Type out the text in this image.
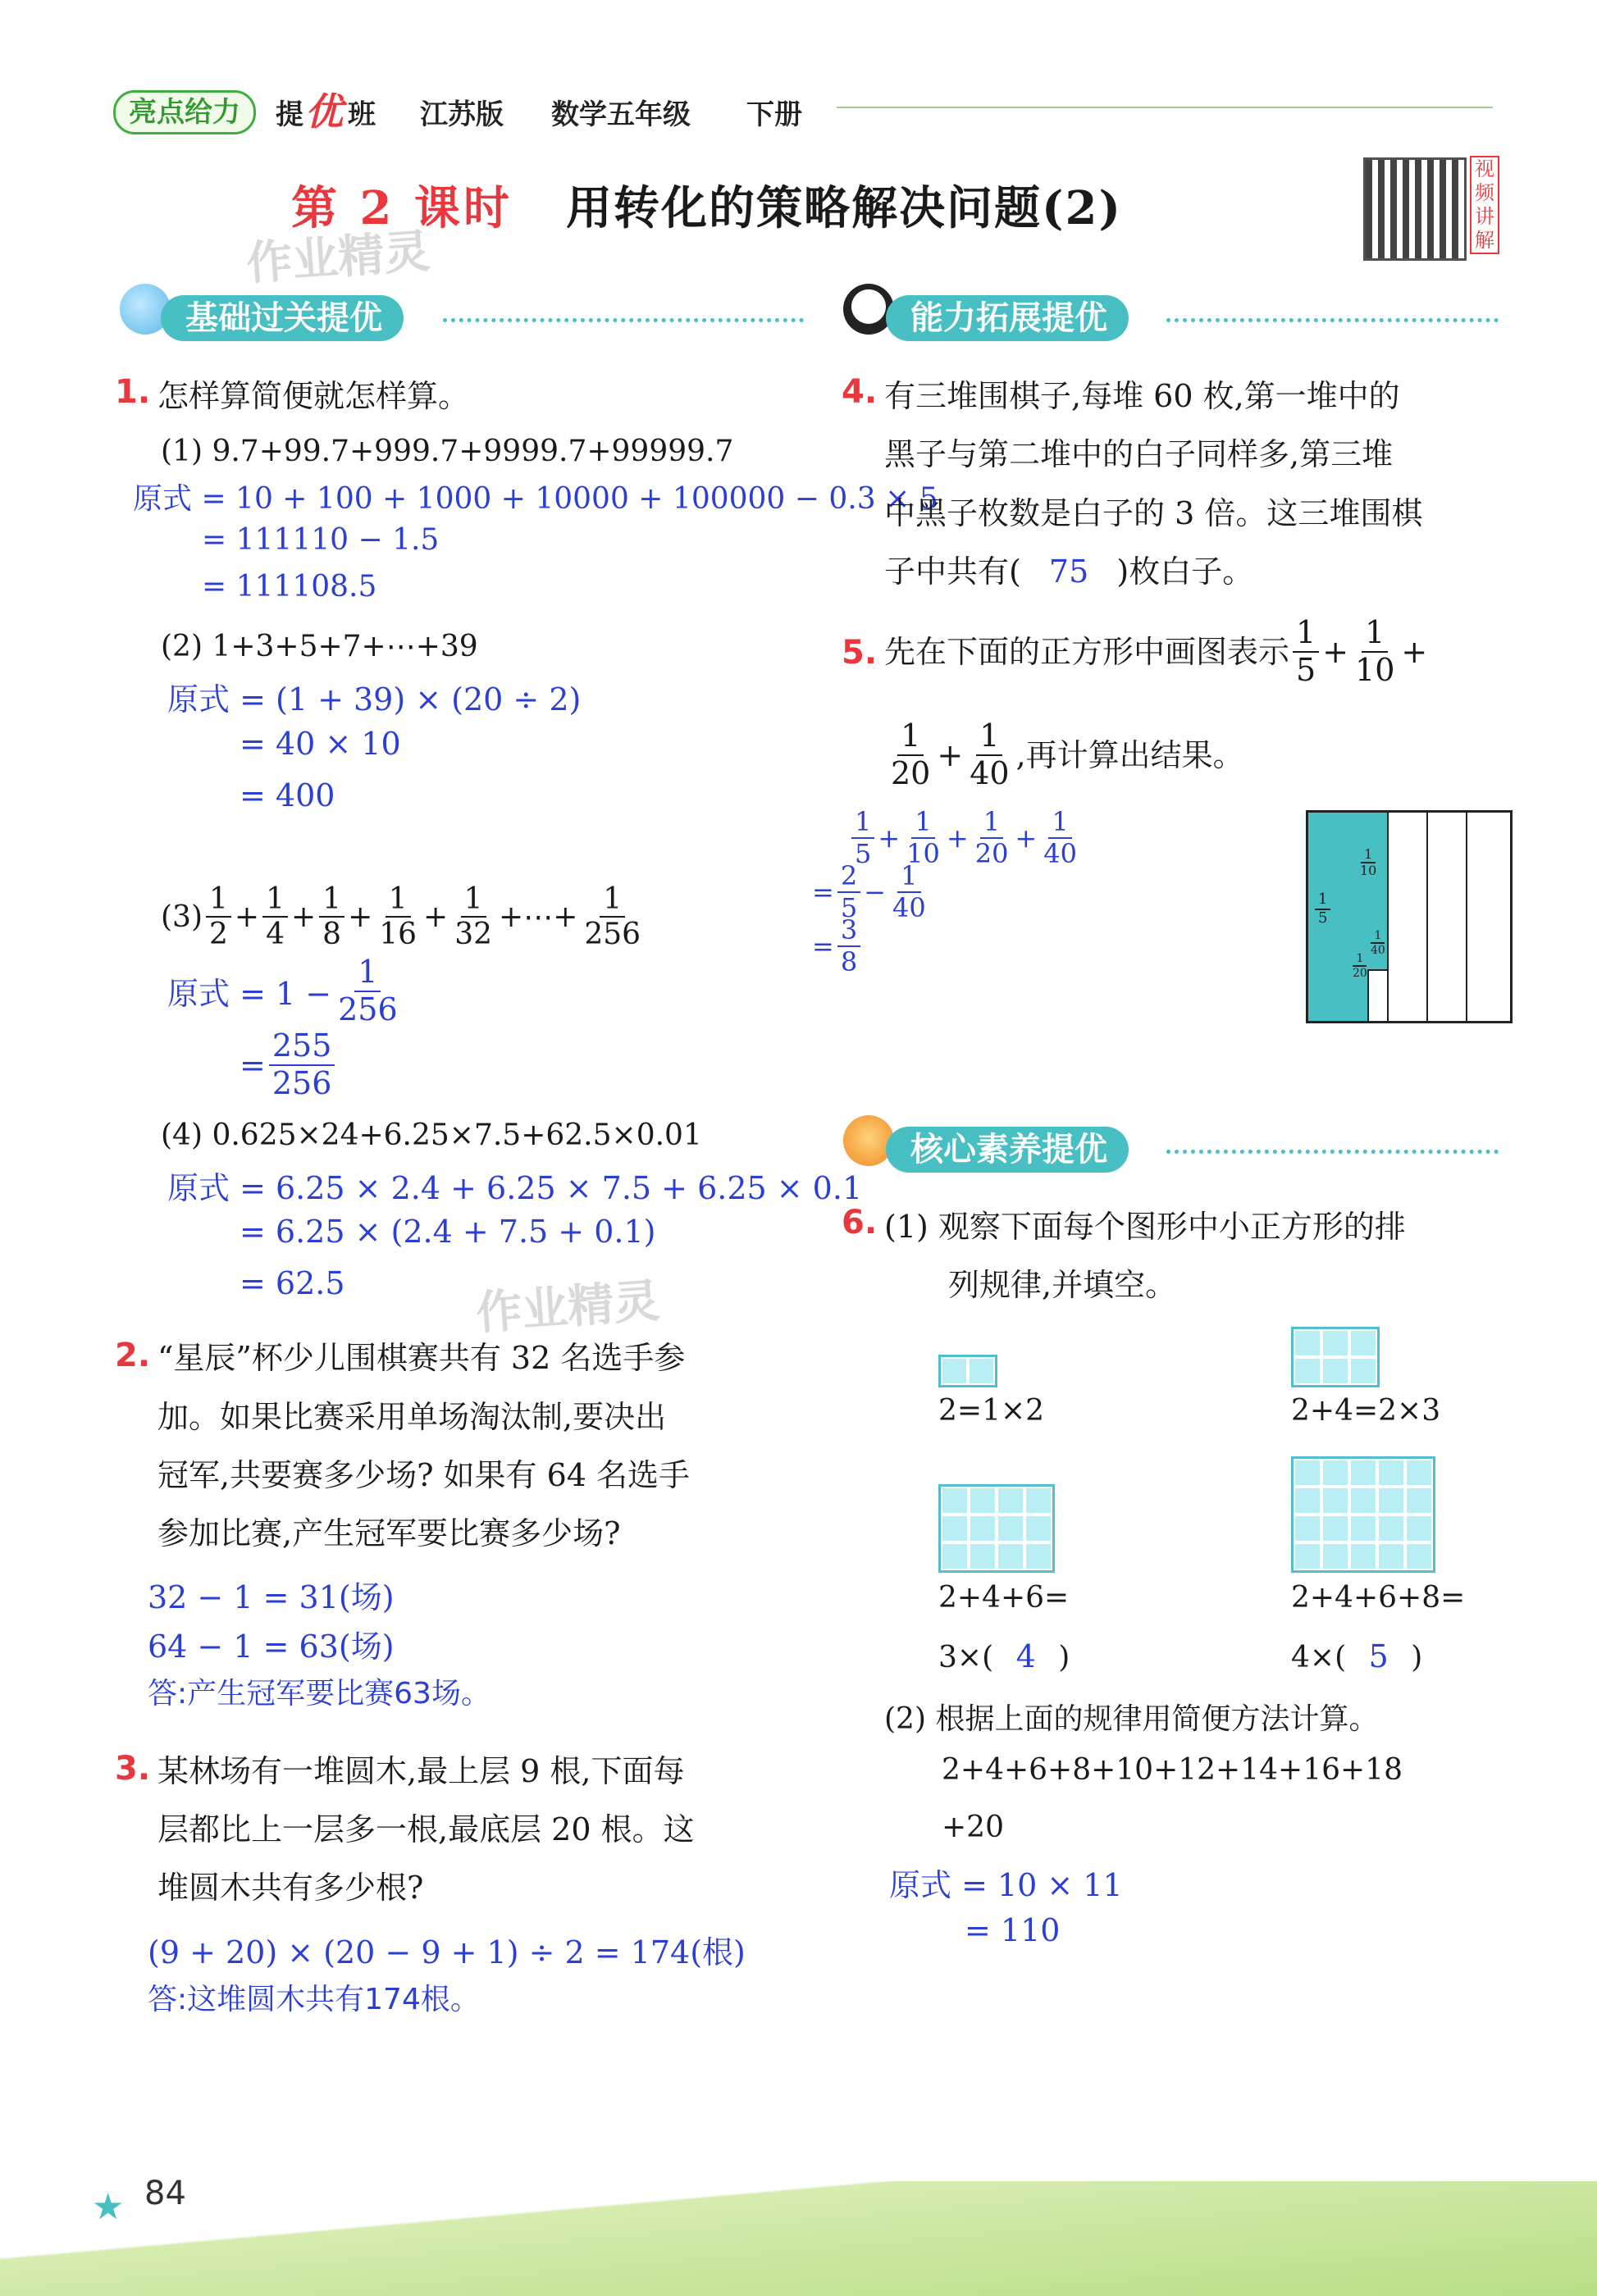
亮点给力	提 优 班 江苏版 数学五年级 下册
第 2 课时 用转化的策略解决问题(2)
视频讲解
作业精灵
作业精灵
基础过关提优	能力拓展提优
核心素养提优
1. 怎样算简便就怎样算。
(1) 9.7+99.7+999.7+9999.7+99999.7
原式 = 10 + 100 + 1000 + 10000 + 100000 − 0.3 × 5
= 111110 − 1.5
= 111108.5
(2) 1+3+5+7+⋯+39
原式 = (1 + 39) × (20 ÷ 2)
= 40 × 10
= 400
$(3) \frac{1}{2} + \frac{1}{4} + \frac{1}{8} + \frac{1}{16} + \frac{1}{32}$ +⋯+ $\frac{1}{256}$
原式 = $1 - \frac{1}{256}$
= $\frac{255}{256}$
(4) 0.625×24+6.25×7.5+62.5×0.01
原式 = 6.25 × 2.4 + 6.25 × 7.5 + 6.25 × 0.1
= 6.25 × (2.4 + 7.5 + 0.1)
= 62.5
2. “星辰”杯少儿围棋赛共有 32 名选手参
加。如果比赛采用单场淘汰制,要决出
冠军,共要赛多少场? 如果有 64 名选手
参加比赛,产生冠军要比赛多少场?
32 − 1 = 31(场)
64 − 1 = 63(场)
答:产生冠军要比赛63场。
3. 某林场有一堆圆木,最上层 9 根,下面每
层都比上一层多一根,最底层 20 根。这
堆圆木共有多少根?
(9 + 20) × (20 − 9 + 1) ÷ 2 = 174(根)
答:这堆圆木共有174根。
4. 有三堆围棋子,每堆 60 枚,第一堆中的
黑子与第二堆中的白子同样多,第三堆
中黑子枚数是白子的 3 倍。这三堆围棋
子中共有( 75 )枚白子。
5. 先在下面的正方形中画图表示 $\frac{1}{5} + \frac{1}{10}$ +
$\frac{1}{20} + \frac{1}{40}$ ,再计算出结果。
$\frac{1}{5} + \frac{1}{10} + \frac{1}{20} + \frac{1}{40}$
= $\frac{2}{5} - \frac{1}{40}$
= $\frac{3}{8}$
$\frac{1}{5}$
$\frac{1}{10}$
$\frac{1}{20}$
$\frac{1}{40}$
6. (1) 观察下面每个图形中小正方形的排
列规律,并填空。
2=1×2	2+4=2×3
2+4+6=
3×( 4 )
2+4+6+8=
4×( 5 )
(2) 根据上面的规律用简便方法计算。
2+4+6+8+10+12+14+16+18
+20
原式 = 10 × 11
= 110
★ 84
